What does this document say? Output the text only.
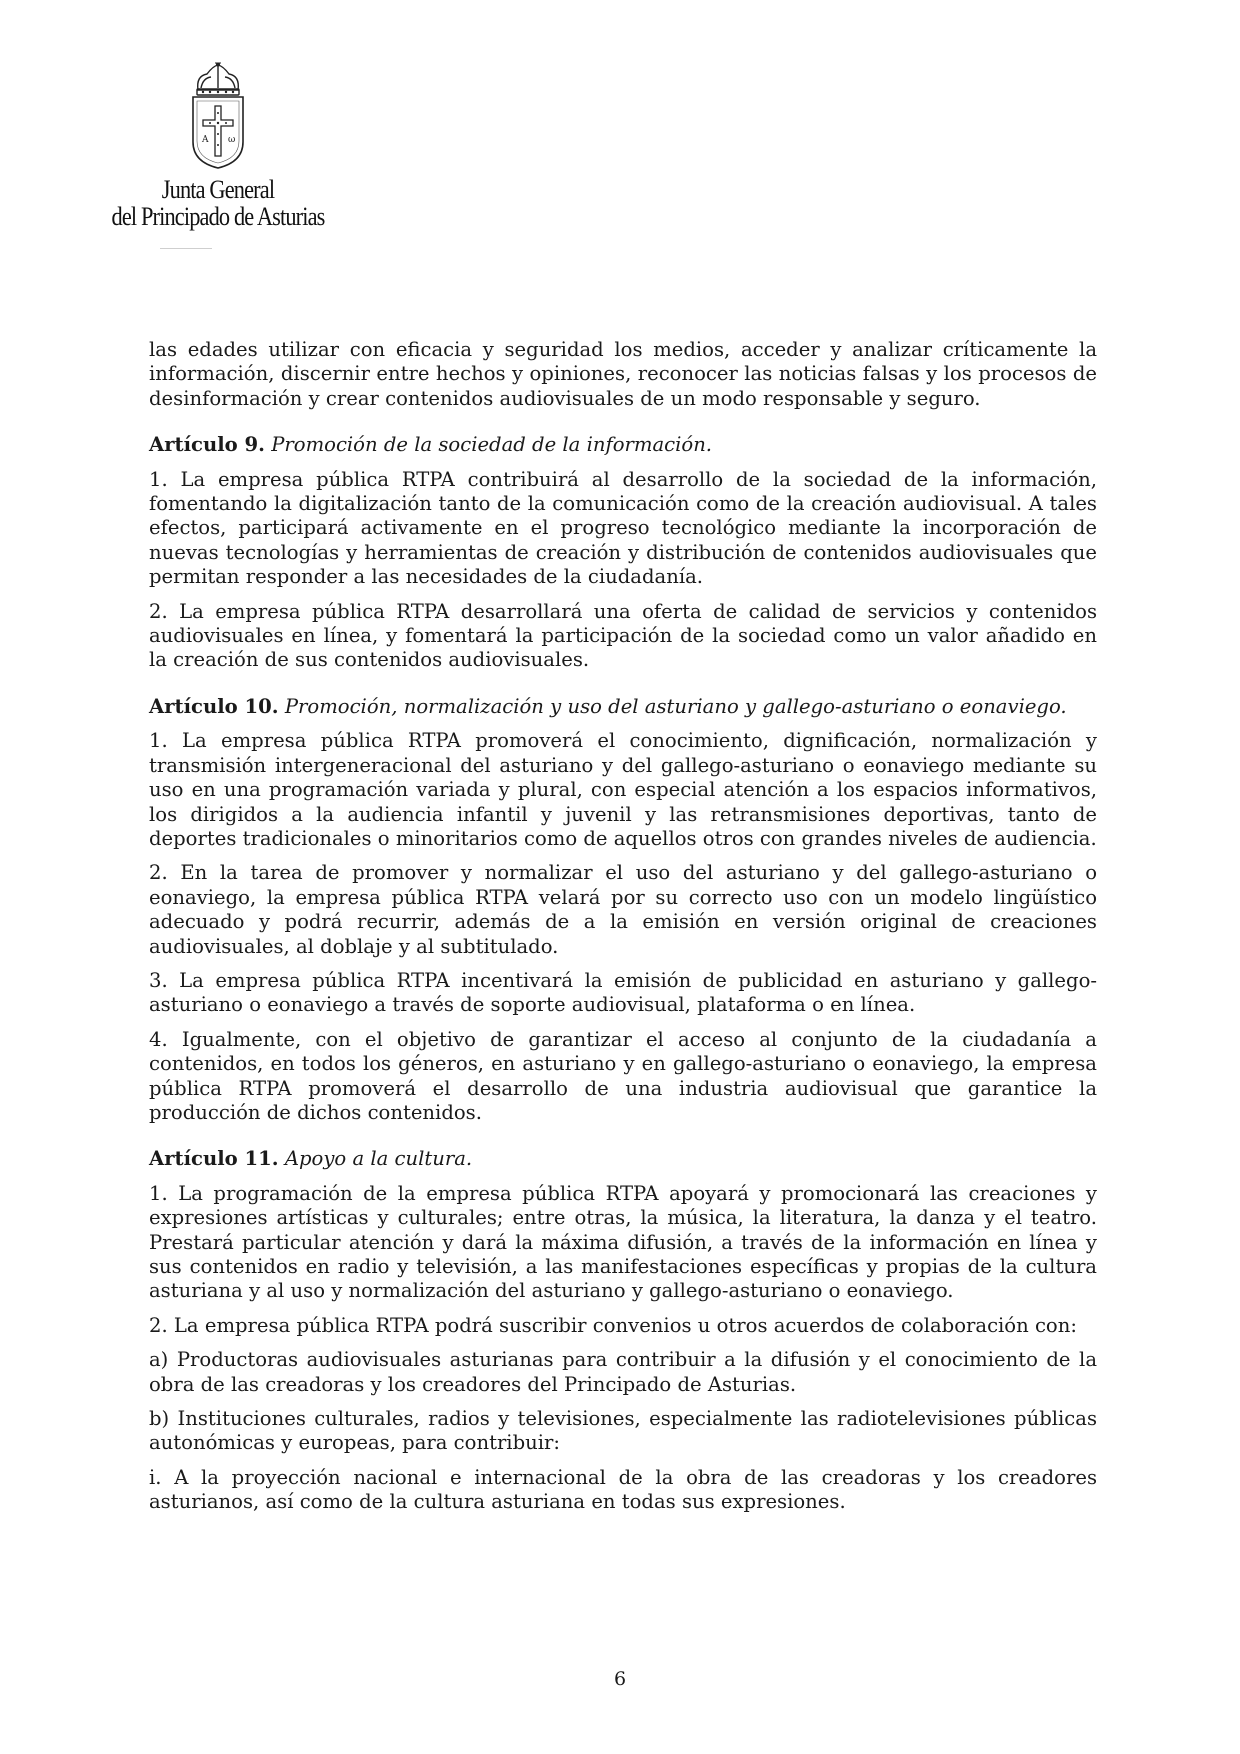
A ω
Junta General
del Principado de Asturias

las edades utilizar con eficacia y seguridad los medios, acceder y analizar críticamente la información, discernir entre hechos y opiniones, reconocer las noticias falsas y los procesos de desinformación y crear contenidos audiovisuales de un modo responsable y seguro.

Artículo 9. Promoción de la sociedad de la información.

1. La empresa pública RTPA contribuirá al desarrollo de la sociedad de la información, fomentando la digitalización tanto de la comunicación como de la creación audiovisual. A tales efectos, participará activamente en el progreso tecnológico mediante la incorporación de nuevas tecnologías y herramientas de creación y distribución de contenidos audiovisuales que permitan responder a las necesidades de la ciudadanía.

2. La empresa pública RTPA desarrollará una oferta de calidad de servicios y contenidos audiovisuales en línea, y fomentará la participación de la sociedad como un valor añadido en la creación de sus contenidos audiovisuales.

Artículo 10. Promoción, normalización y uso del asturiano y gallego-asturiano o eonaviego.

1. La empresa pública RTPA promoverá el conocimiento, dignificación, normalización y transmisión intergeneracional del asturiano y del gallego-asturiano o eonaviego mediante su uso en una programación variada y plural, con especial atención a los espacios informativos, los dirigidos a la audiencia infantil y juvenil y las retransmisiones deportivas, tanto de deportes tradicionales o minoritarios como de aquellos otros con grandes niveles de audiencia.

2. En la tarea de promover y normalizar el uso del asturiano y del gallego-asturiano o eonaviego, la empresa pública RTPA velará por su correcto uso con un modelo lingüístico adecuado y podrá recurrir, además de a la emisión en versión original de creaciones audiovisuales, al doblaje y al subtitulado.

3. La empresa pública RTPA incentivará la emisión de publicidad en asturiano y gallego-asturiano o eonaviego a través de soporte audiovisual, plataforma o en línea.

4. Igualmente, con el objetivo de garantizar el acceso al conjunto de la ciudadanía a contenidos, en todos los géneros, en asturiano y en gallego-asturiano o eonaviego, la empresa pública RTPA promoverá el desarrollo de una industria audiovisual que garantice la producción de dichos contenidos.

Artículo 11. Apoyo a la cultura.

1. La programación de la empresa pública RTPA apoyará y promocionará las creaciones y expresiones artísticas y culturales; entre otras, la música, la literatura, la danza y el teatro. Prestará particular atención y dará la máxima difusión, a través de la información en línea y sus contenidos en radio y televisión, a las manifestaciones específicas y propias de la cultura asturiana y al uso y normalización del asturiano y gallego-asturiano o eonaviego.

2. La empresa pública RTPA podrá suscribir convenios u otros acuerdos de colaboración con:

a) Productoras audiovisuales asturianas para contribuir a la difusión y el conocimiento de la obra de las creadoras y los creadores del Principado de Asturias.

b) Instituciones culturales, radios y televisiones, especialmente las radiotelevisiones públicas autonómicas y europeas, para contribuir:

i. A la proyección nacional e internacional de la obra de las creadoras y los creadores asturianos, así como de la cultura asturiana en todas sus expresiones.

6
